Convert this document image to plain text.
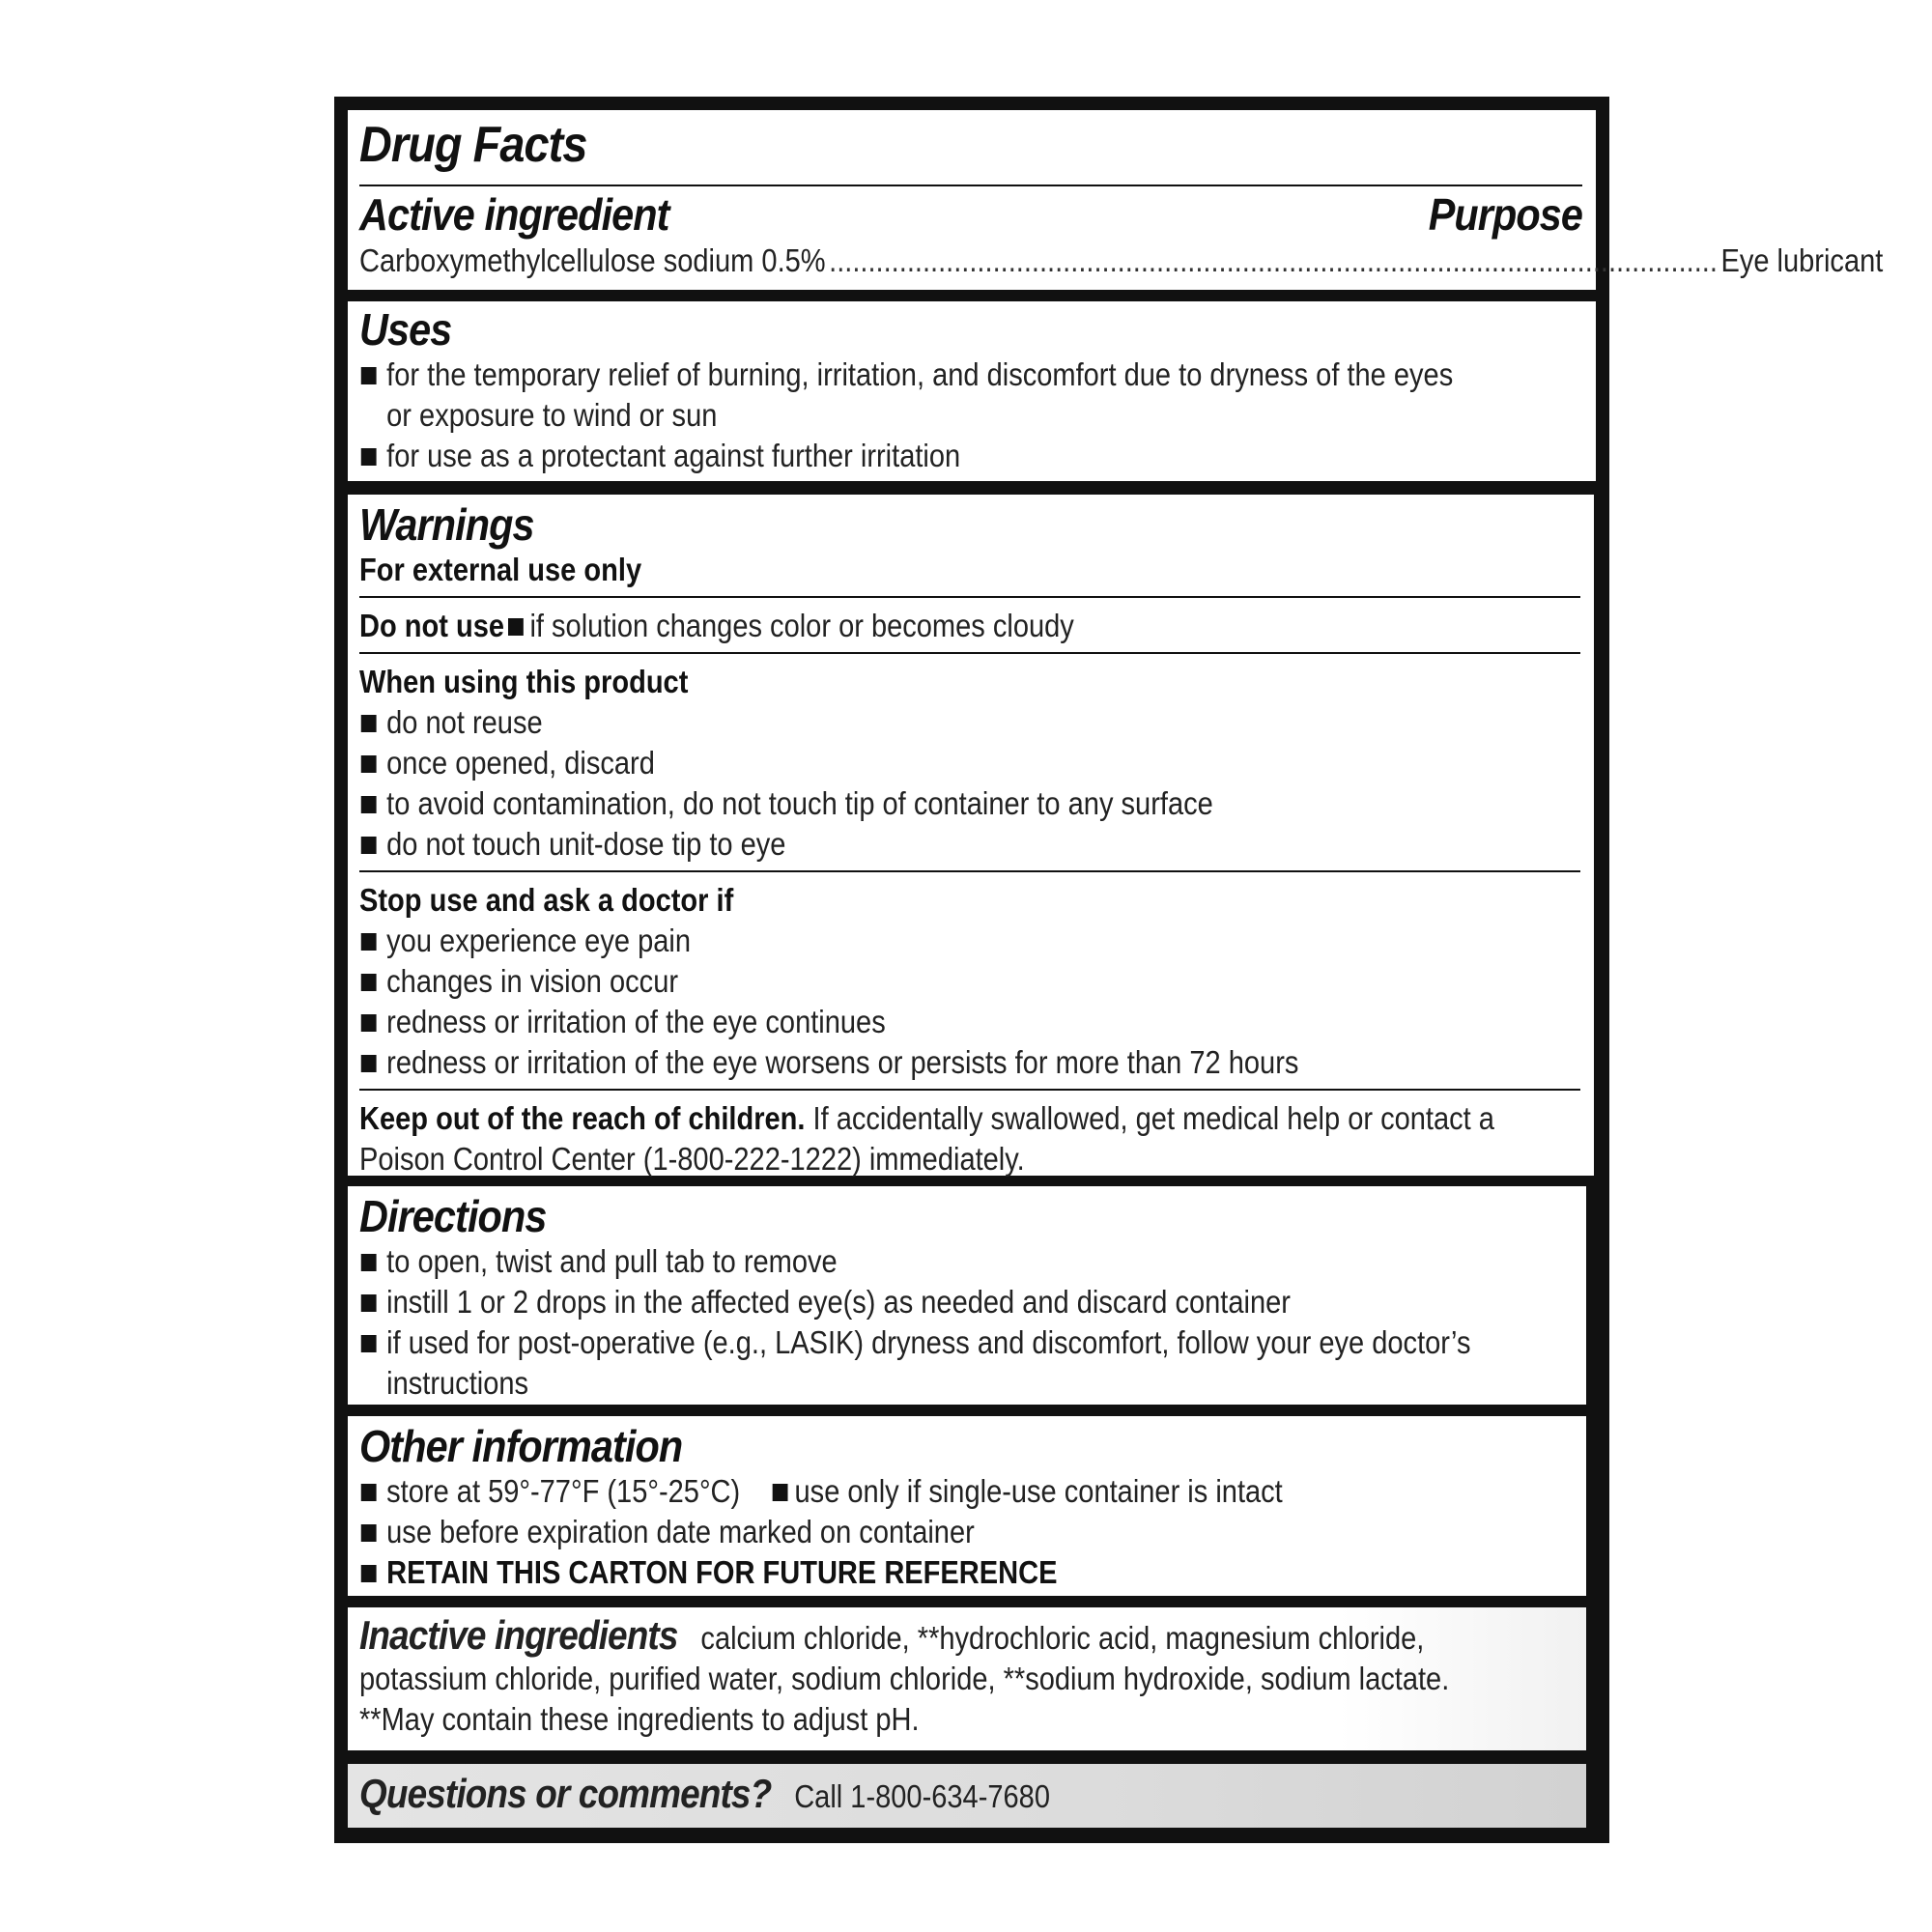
Drug Facts
Active ingredient	Purpose
Carboxymethylcellulose sodium 0.5% .................................................................................................................. Eye lubricant
Uses
for the temporary relief of burning, irritation, and discomfort due to dryness of the eyes
or exposure to wind or sun
for use as a protectant against further irritation
Warnings
For external use only
Do not use if solution changes color or becomes cloudy
When using this product
do not reuse
once opened, discard
to avoid contamination, do not touch tip of container to any surface
do not touch unit-dose tip to eye
Stop use and ask a doctor if
you experience eye pain
changes in vision occur
redness or irritation of the eye continues
redness or irritation of the eye worsens or persists for more than 72 hours
Keep out of the reach of children. If accidentally swallowed, get medical help or contact a
Poison Control Center (1-800-222-1222) immediately.
Directions
to open, twist and pull tab to remove
instill 1 or 2 drops in the affected eye(s) as needed and discard container
if used for post-operative (e.g., LASIK) dryness and discomfort, follow your eye doctor’s
instructions
Other information
store at 59°-77°F (15°-25°C) use only if single-use container is intact
use before expiration date marked on container
RETAIN THIS CARTON FOR FUTURE REFERENCE
Inactive ingredients calcium chloride, **hydrochloric acid, magnesium chloride,
potassium chloride, purified water, sodium chloride, **sodium hydroxide, sodium lactate.
**May contain these ingredients to adjust pH.
Questions or comments? Call 1-800-634-7680
